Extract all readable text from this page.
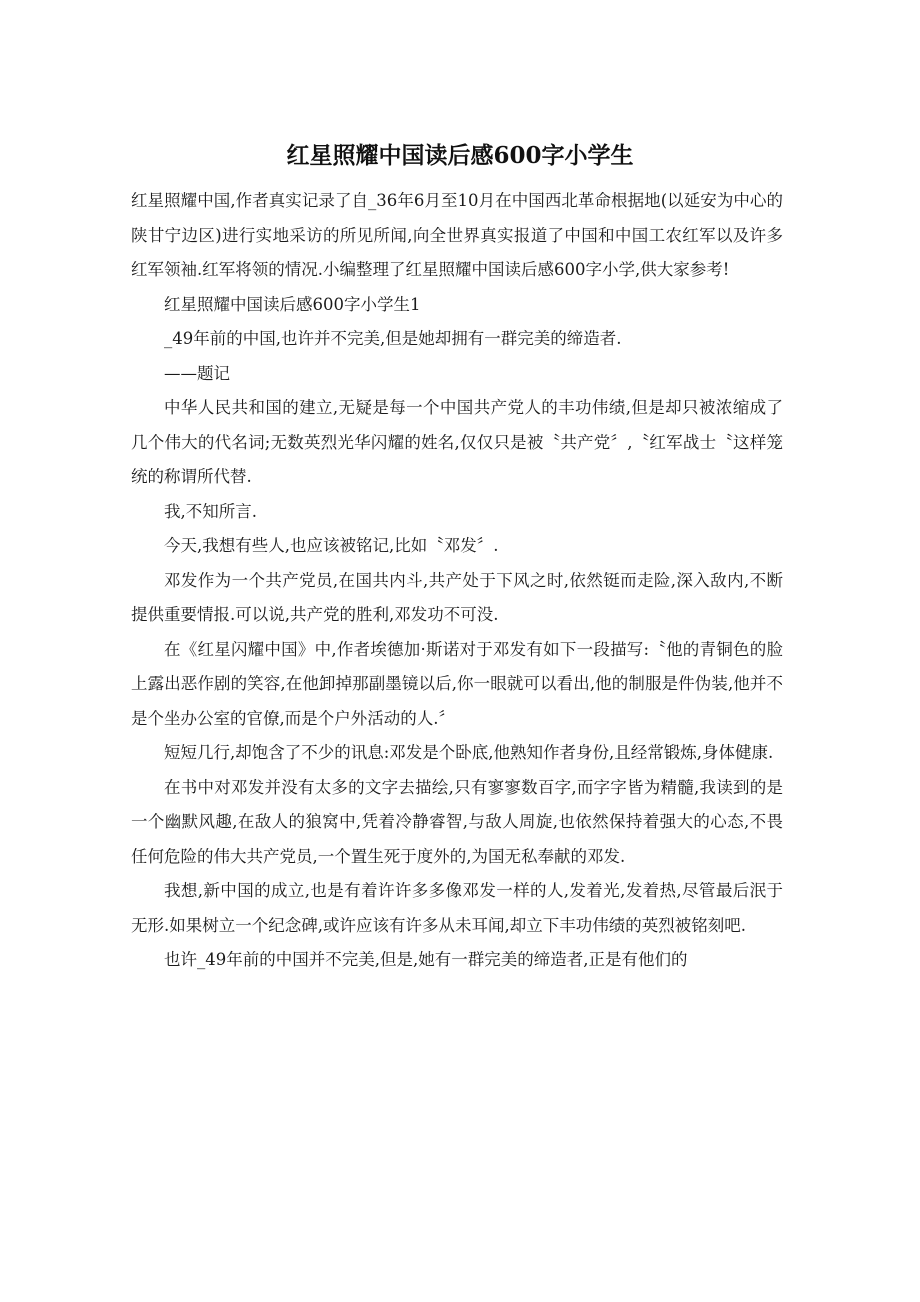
红星照耀中国读后感600字小学生

红星照耀中国,作者真实记录了自_36年6月至10月在中国西北革命根据地(以延安为中心的陕甘宁边区)进行实地采访的所见所闻,向全世界真实报道了中国和中国工农红军以及许多红军领袖.红军将领的情况.小编整理了红星照耀中国读后感600字小学,供大家参考!

红星照耀中国读后感600字小学生1

_49年前的中国,也许并不完美,但是她却拥有一群完美的缔造者.

——题记

中华人民共和国的建立,无疑是每一个中国共产党人的丰功伟绩,但是却只被浓缩成了几个伟大的代名词;无数英烈光华闪耀的姓名,仅仅只是被〝共产党〞,〝红军战士〝这样笼统的称谓所代替.

我,不知所言.

今天,我想有些人,也应该被铭记,比如〝邓发〞.

邓发作为一个共产党员,在国共内斗,共产处于下风之时,依然铤而走险,深入敌内,不断提供重要情报.可以说,共产党的胜利,邓发功不可没.

在《红星闪耀中国》中,作者埃德加·斯诺对于邓发有如下一段描写:〝他的青铜色的脸上露出恶作剧的笑容,在他卸掉那副墨镜以后,你一眼就可以看出,他的制服是件伪装,他并不是个坐办公室的官僚,而是个户外活动的人.〞

短短几行,却饱含了不少的讯息:邓发是个卧底,他熟知作者身份,且经常锻炼,身体健康.

在书中对邓发并没有太多的文字去描绘,只有寥寥数百字,而字字皆为精髓,我读到的是一个幽默风趣,在敌人的狼窝中,凭着冷静睿智,与敌人周旋,也依然保持着强大的心态,不畏任何危险的伟大共产党员,一个置生死于度外的,为国无私奉献的邓发.

我想,新中国的成立,也是有着许许多多像邓发一样的人,发着光,发着热,尽管最后泯于无形.如果树立一个纪念碑,或许应该有许多从未耳闻,却立下丰功伟绩的英烈被铭刻吧.

也许_49年前的中国并不完美,但是,她有一群完美的缔造者,正是有他们的
